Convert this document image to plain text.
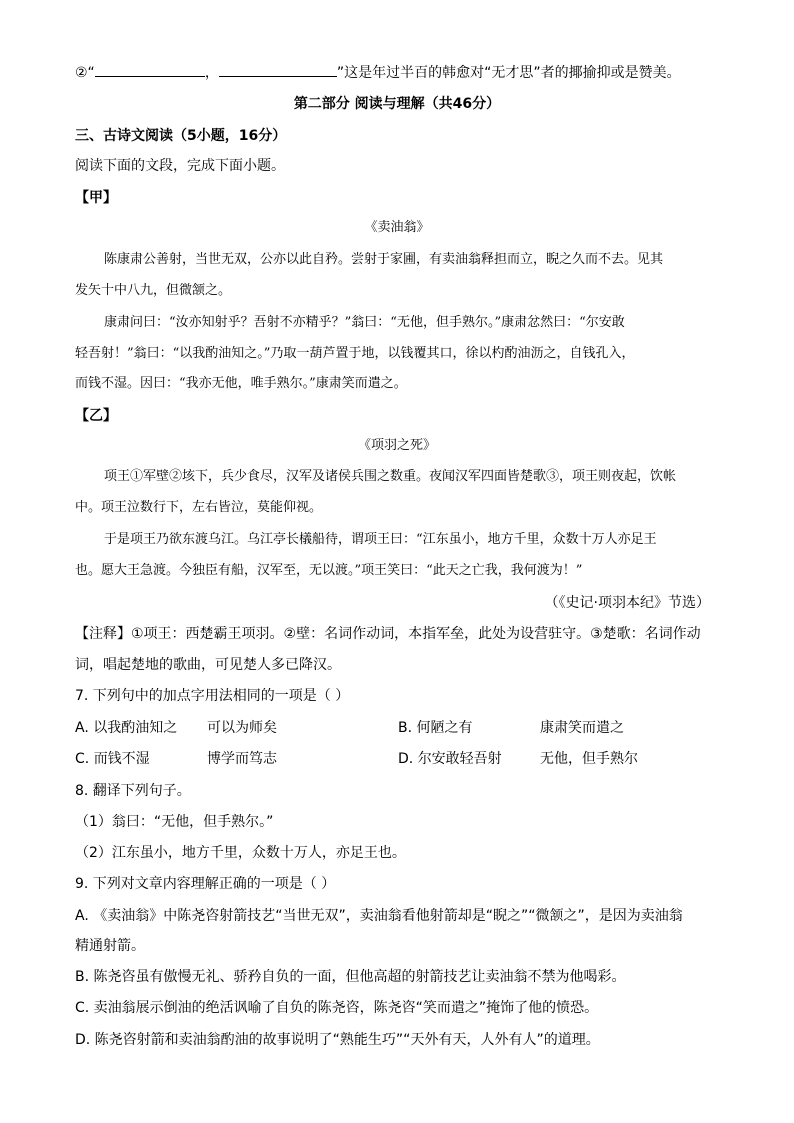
②“	，	”这是年过半百的韩愈对“无才思”者的揶揄抑或是赞美。
第二部分 阅读与理解（共46分）
三、古诗文阅读（5小题，16分）
阅读下面的文段，完成下面小题。
【甲】
《卖油翁》
陈康肃公善射，当世无双，公亦以此自矜。尝射于家圃，有卖油翁释担而立，睨之久而不去。见其
发矢十中八九，但微颔之。
康肃问曰：“汝亦知射乎？吾射不亦精乎？”翁曰：“无他，但手熟尔。”康肃忿然曰：“尔安敢
轻吾射！”翁曰：“以我酌油知之。”乃取一葫芦置于地，以钱覆其口，徐以杓酌油沥之，自钱孔入，
而钱不湿。因曰：“我亦无他，唯手熟尔。”康肃笑而遣之。
【乙】
《项羽之死》
项王①军壁②垓下，兵少食尽，汉军及诸侯兵围之数重。夜闻汉军四面皆楚歌③，项王则夜起，饮帐
中。项王泣数行下，左右皆泣，莫能仰视。
于是项王乃欲东渡乌江。乌江亭长檥船待，谓项王曰：“江东虽小，地方千里，众数十万人亦足王
也。愿大王急渡。今独臣有船，汉军至，无以渡。”项王笑曰：“此天之亡我，我何渡为！”
（《史记·项羽本纪》节选）
【注释】①项王：西楚霸王项羽。②壁：名词作动词，本指军垒，此处为设营驻守。③楚歌：名词作动
词，唱起楚地的歌曲，可见楚人多已降汉。
7. 下列句中的加点字用法相同的一项是（ ）
A. 以我酌油知之 可以为师矣	B. 何陋之有	康肃笑而遣之
C. 而钱不湿	博学而笃志	D. 尔安敢轻吾射	无他，但手熟尔
8. 翻译下列句子。
（1）翁曰：“无他，但手熟尔。”
（2）江东虽小，地方千里，众数十万人，亦足王也。
9. 下列对文章内容理解正确的一项是（ ）
A. 《卖油翁》中陈尧咨射箭技艺“当世无双”，卖油翁看他射箭却是“睨之”“微颔之”，是因为卖油翁
精通射箭。
B. 陈尧咨虽有傲慢无礼、骄矜自负的一面，但他高超的射箭技艺让卖油翁不禁为他喝彩。
C. 卖油翁展示倒油的绝活讽喻了自负的陈尧咨，陈尧咨“笑而遣之”掩饰了他的愤恐。
D. 陈尧咨射箭和卖油翁酌油的故事说明了“熟能生巧”“天外有天，人外有人”的道理。
